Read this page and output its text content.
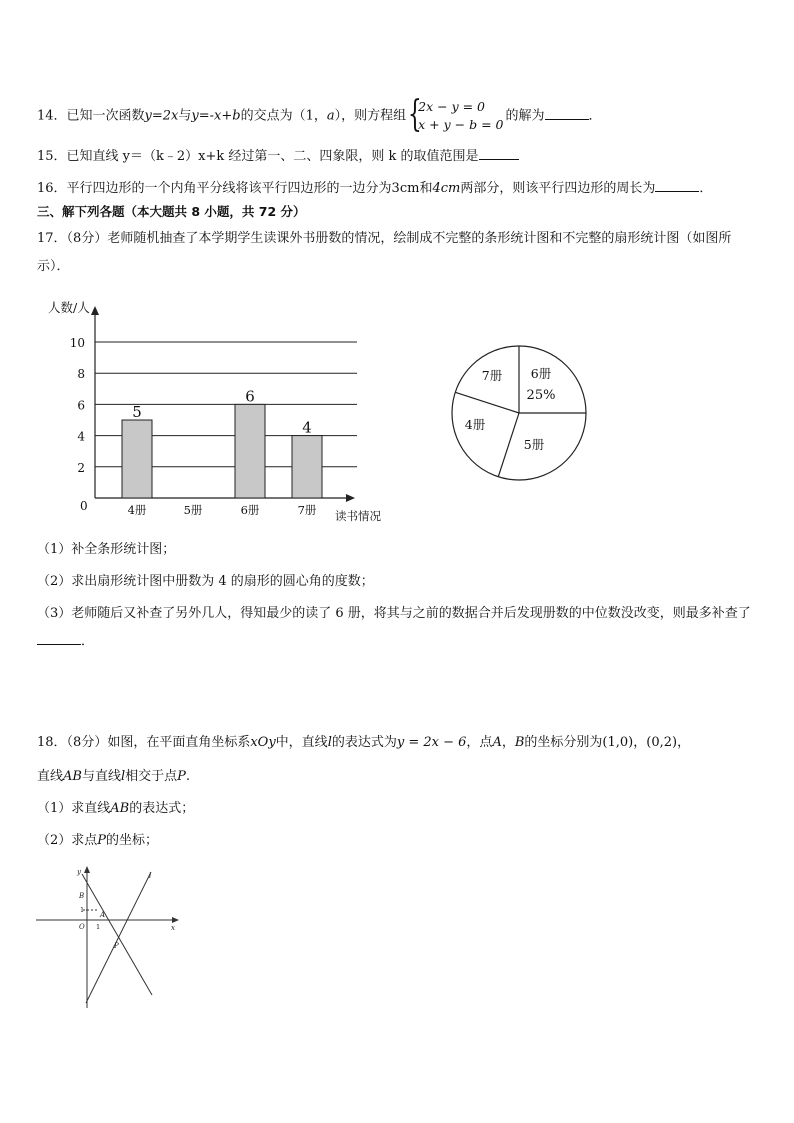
14．已知一次函数y=2x与y=-x+b的交点为（1，a），则方程组 {
2x − y = 0
x + y − b = 0
的解为	．
15．已知直线 y＝（k﹣2）x+k 经过第一、二、四象限，则 k 的取值范围是
16．平行四边形的一个内角平分线将该平行四边形的一边分为3cm和4cm两部分，则该平行四边形的周长为	．
三、解下列各题（本大题共 8 小题，共 72 分）
17．（8分）老师随机抽查了本学期学生读课外书册数的情况，绘制成不完整的条形统计图和不完整的扇形统计图（如图所示）．
2
4
6
8
10
人数/人
读书情况
0	4册
5
5册	6册
6
7册
4
6册
25%
5册
4册
7册
（1）补全条形统计图；
（2）求出扇形统计图中册数为 4 的扇形的圆心角的度数；
（3）老师随后又补查了另外几人，得知最少的读了 6 册，将其与之前的数据合并后发现册数的中位数没改变，则最多补查了．
18．（8分）如图，在平面直角坐标系xOy中，直线l的表达式为y = 2x − 6，点A，B的坐标分别为(1,0)，(0,2)，
直线AB与直线l相交于点P.
（1）求直线AB的表达式；
（2）求点P的坐标；
y
x
O
B
A
P
l
1
1
